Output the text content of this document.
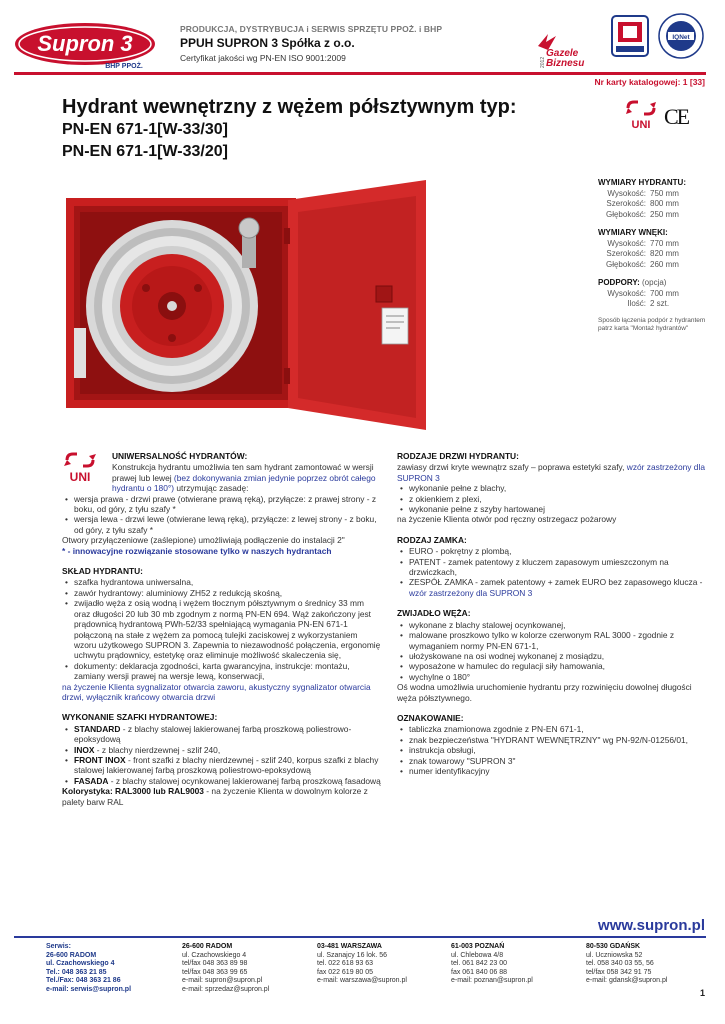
Supron 3
BHP PPOŻ.
PRODUKCJA, DYSTRYBUCJA i SERWIS SPRZĘTU PPOŻ. i BHP
PPUH SUPRON 3 Spółka z o.o.
Certyfikat jakości wg PN-EN ISO 9001:2009	2012
Gazele
Biznesu
IQNet
Nr karty katalogowej: 1 [33]
Hydrant wewnętrzny z wężem półsztywnym typ:
PN-EN 671-1[W-33/30]
PN-EN 671-1[W-33/20]
UNI CE
WYMIARY HYDRANTU:
Wysokość: 750 mm
Szerokość: 800 mm
Głębokość: 250 mm
WYMIARY WNĘKI:
Wysokość: 770 mm
Szerokość: 820 mm
Głębokość: 260 mm
PODPORY: (opcja)
Wysokość: 700 mm
Ilość: 2 szt.
Sposób łączenia podpór z hydrantem patrz karta "Montaż hydrantów"
UNI
UNIWERSALNOŚĆ HYDRANTÓW:
Konstrukcja hydrantu umożliwia ten sam hydrant zamontować w wersji prawej lub lewej (bez dokonywania zmian jedynie poprzez obrót całego hydrantu o 180°) utrzymując zasadę:
• wersja prawa - drzwi prawe (otwierane prawą ręką), przyłącze: z prawej strony - z boku, od góry, z tyłu szafy *
• wersja lewa - drzwi lewe (otwierane lewą ręką), przyłącze: z lewej strony - z boku, od góry, z tyłu szafy *
Otwory przyłączeniowe (zaślepione) umożliwiają podłączenie do instalacji 2"
* - innowacyjne rozwiązanie stosowane tylko w naszych hydrantach
SKŁAD HYDRANTU:
• szafka hydrantowa uniwersalna,
• zawór hydrantowy: aluminiowy ZH52 z redukcją skośną,
• zwijadło węża z osią wodną i wężem tłocznym półsztywnym o średnicy 33 mm oraz długości 20 lub 30 mb zgodnym z normą PN-EN 694. Wąż zakończony jest prądownicą hydrantową PWh-52/33 spełniającą wymagania PN-EN 671-1 połączoną na stałe z wężem za pomocą tulejki zaciskowej z wykorzystaniem wzoru użytkowego SUPRON 3. Zapewnia to niezawodność połączenia, ergonomię uchwytu prądownicy, estetykę oraz eliminuje możliwość skaleczenia się,
• dokumenty: deklaracja zgodności, karta gwarancyjna, instrukcje: montażu, zamiany wersji prawej na wersje lewą, konserwacji,
na życzenie Klienta sygnalizator otwarcia zaworu, akustyczny sygnalizator otwarcia drzwi, wyłącznik krańcowy otwarcia drzwi
WYKONANIE SZAFKI HYDRANTOWEJ:
• STANDARD - z blachy stalowej lakierowanej farbą proszkową poliestrowo-epoksydową
• INOX - z blachy nierdzewnej - szlif 240,
• FRONT INOX - front szafki z blachy nierdzewnej - szlif 240, korpus szafki z blachy stalowej lakierowanej farbą proszkową poliestrowo-epoksydową
• FASADA - z blachy stalowej ocynkowanej lakierowanej farbą proszkową fasadową
Kolorystyka: RAL3000 lub RAL9003 - na życzenie Klienta w dowolnym kolorze z palety barw RAL
RODZAJE DRZWI HYDRANTU:
zawiasy drzwi kryte wewnątrz szafy – poprawa estetyki szafy, wzór zastrzeżony dla SUPRON 3
• wykonanie pełne z blachy,
• z okienkiem z plexi,
• wykonanie pełne z szyby hartowanej
na życzenie Klienta otwór pod ręczny ostrzegacz pożarowy
RODZAJ ZAMKA:
• EURO - pokrętny z plombą,
• PATENT - zamek patentowy z kluczem zapasowym umieszczonym na drzwiczkach,
• ZESPÓŁ ZAMKA - zamek patentowy + zamek EURO bez zapasowego klucza -
wzór zastrzeżony dla SUPRON 3
ZWIJADŁO WĘŻA:
• wykonane z blachy stalowej ocynkowanej,
• malowane proszkowo tylko w kolorze czerwonym RAL 3000 - zgodnie z wymaganiem normy PN-EN 671-1,
• ułożyskowane na osi wodnej wykonanej z mosiądzu,
• wyposażone w hamulec do regulacji siły hamowania,
• wychylne o 180°
Oś wodna umożliwia uruchomienie hydrantu przy rozwinięciu dowolnej długości węża półsztywnego.
OZNAKOWANIE:
• tabliczka znamionowa zgodnie z PN-EN 671-1,
• znak bezpieczeństwa "HYDRANT WEWNĘTRZNY" wg PN-92/N-01256/01,
• instrukcja obsługi,
• znak towarowy "SUPRON 3"
• numer identyfikacyjny
www.supron.pl
Serwis:
26-600 RADOM
ul. Czachowskiego 4
Tel.: 048 363 21 85
Tel./Fax: 048 363 21 86
e-mail: serwis@supron.pl
26-600 RADOM
ul. Czachowskiego 4
tel/fax 048 363 89 98
tel/fax 048 363 99 65
e-mail: supron@supron.pl
e-mail: sprzedaz@supron.pl
03-481 WARSZAWA
ul. Szanajcy 16 lok. 56
tel. 022 618 93 63
fax 022 619 80 05
e-mail: warszawa@supron.pl
61-003 POZNAŃ
ul. Chlebowa 4/8
tel. 061 842 23 00
fax 061 840 06 88
e-mail: poznan@supron.pl
80-530 GDAŃSK
ul. Uczniowska 52
tel. 058 340 03 55, 56
tel/fax 058 342 91 75
e-mail: gdansk@supron.pl
1
